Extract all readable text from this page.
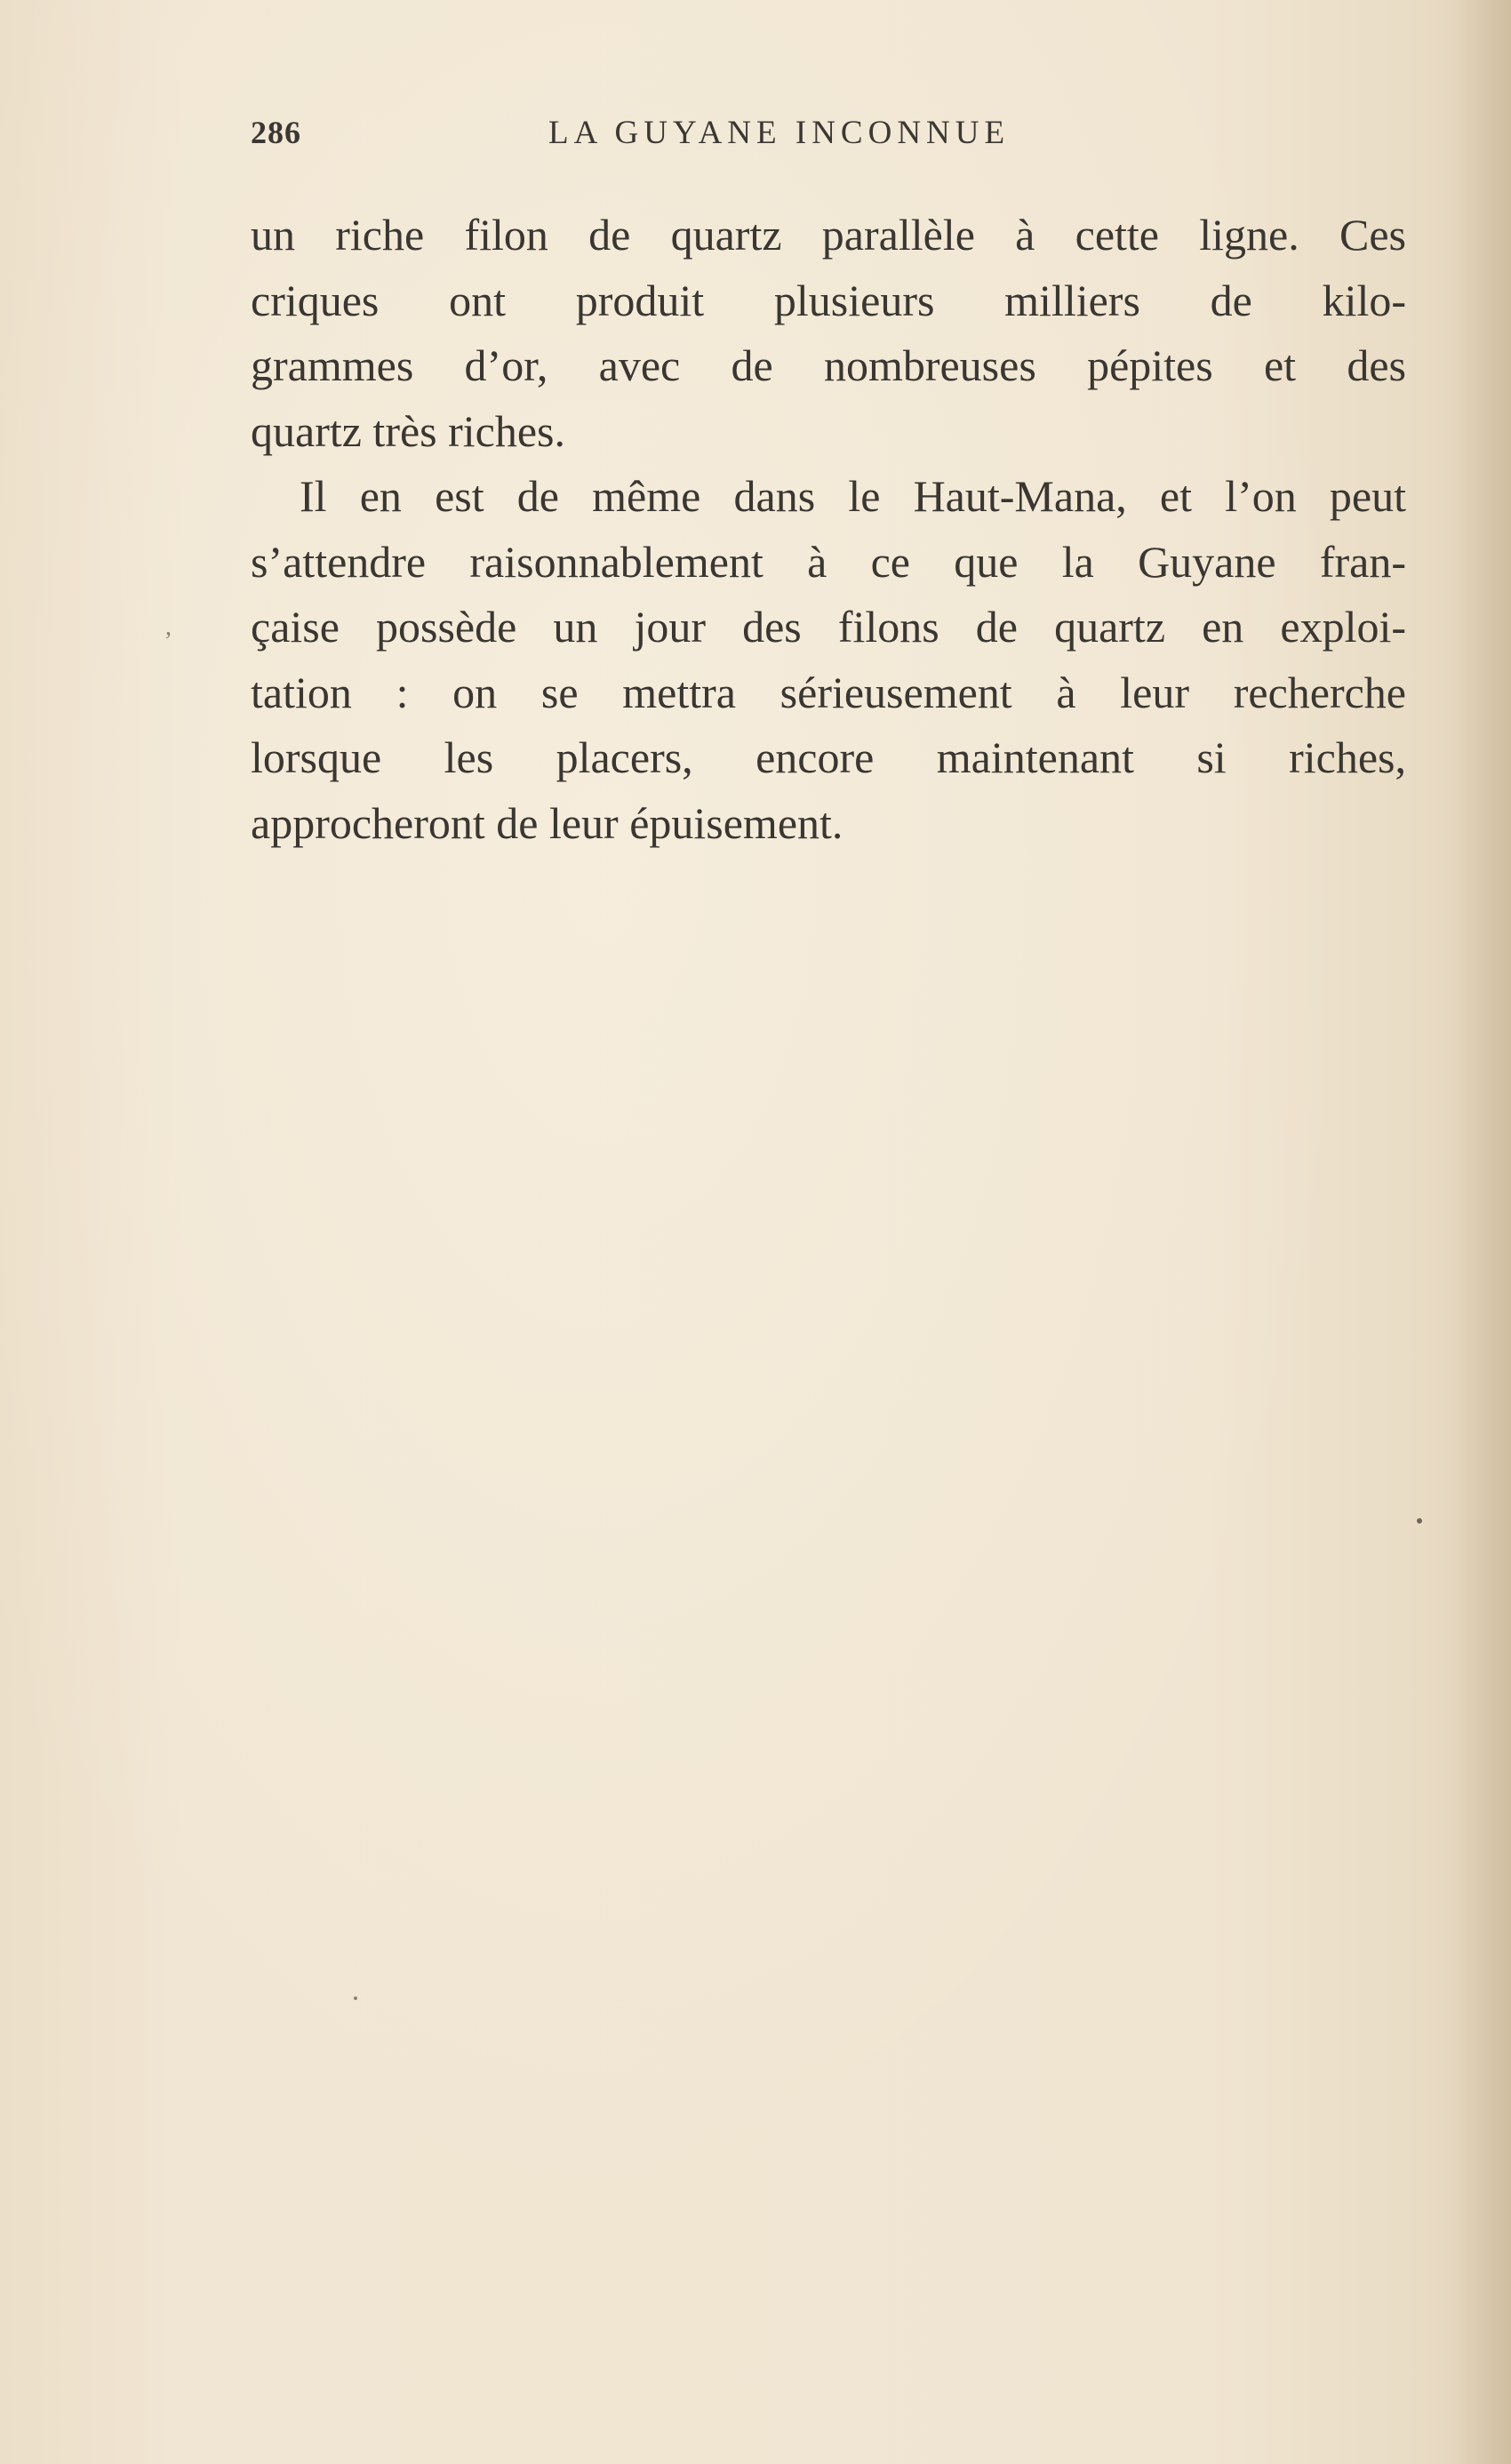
286	LA GUYANE INCONNUE
,
un riche filon de quartz parallèle à cette ligne. Ces
criques ont produit plusieurs milliers de kilo-
grammes d’or, avec de nombreuses pépites et des
quartz très riches.
Il en est de même dans le Haut-Mana, et l’on peut
s’attendre raisonnablement à ce que la Guyane fran-
çaise possède un jour des filons de quartz en exploi-
tation : on se mettra sérieusement à leur recherche
lorsque les placers, encore maintenant si riches,
approcheront de leur épuisement.
